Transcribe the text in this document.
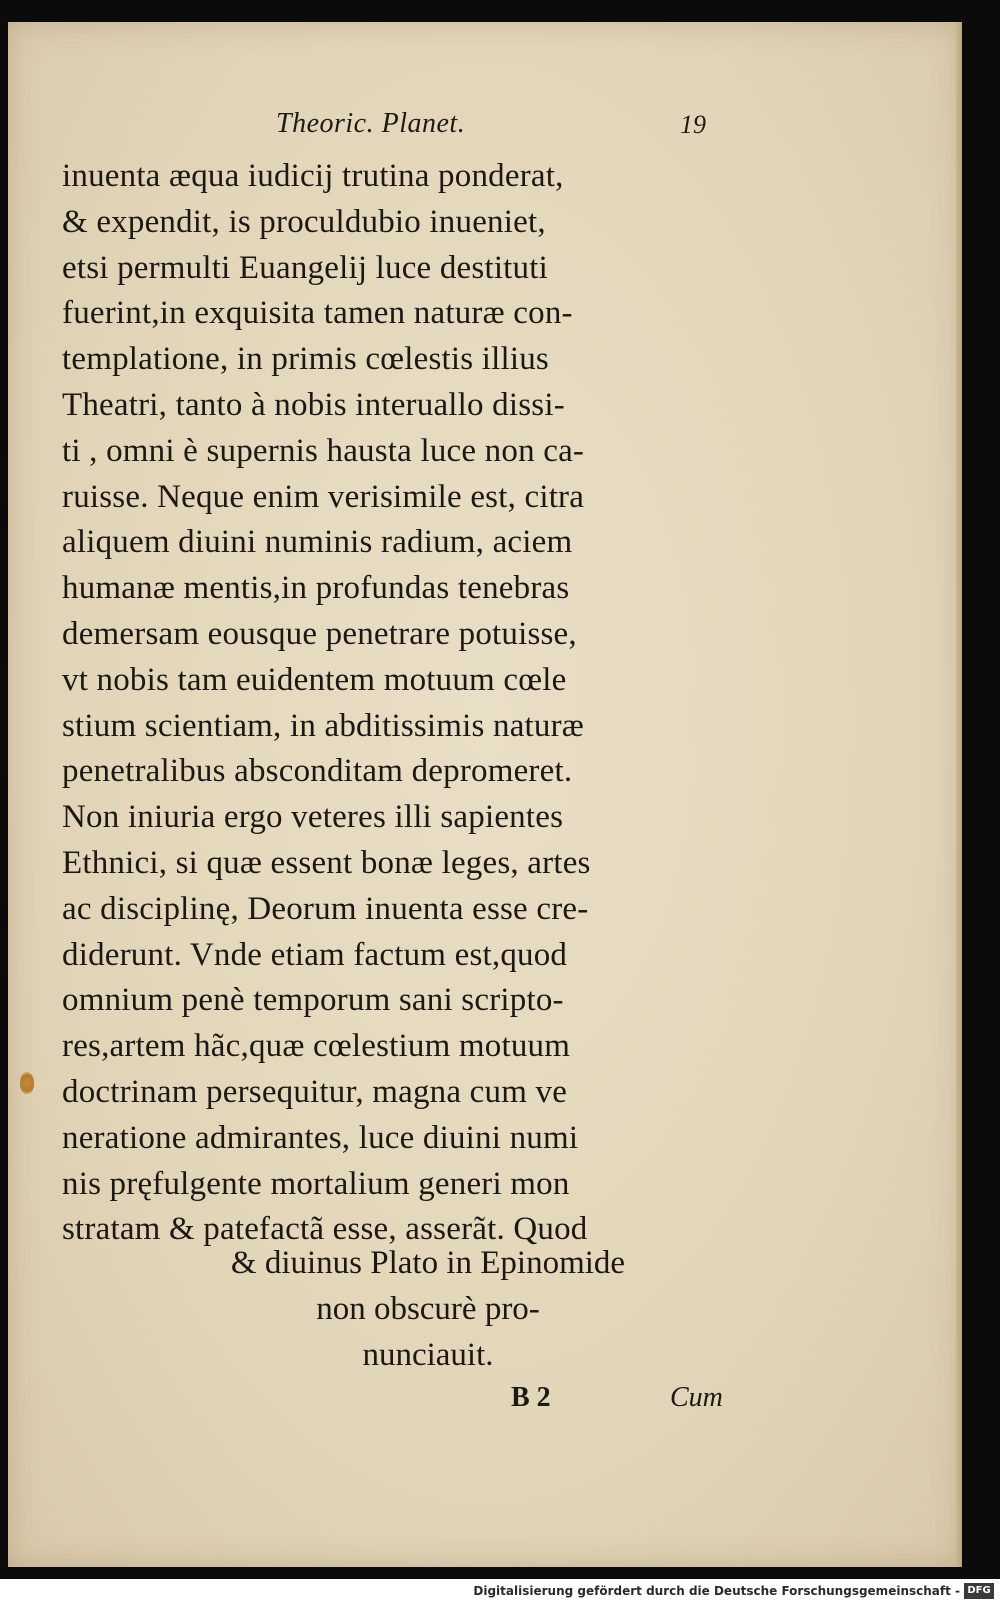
Theoric. Planet.	19
inuenta æqua iudicij trutina ponderat,
& expendit, is proculdubio inueniet,
etsi permulti Euangelij luce destituti
fuerint,in exquisita tamen naturæ con-
templatione, in primis cœlestis illius
Theatri, tanto à nobis interuallo dissi-
ti , omni è supernis hausta luce non ca-
ruisse. Neque enim verisimile est, citra
aliquem diuini numinis radium, aciem
humanæ mentis,in profundas tenebras
demersam eousque penetrare potuisse,
vt nobis tam euidentem motuum cœle
stium scientiam, in abditissimis naturæ
penetralibus absconditam depromeret.
Non iniuria ergo veteres illi sapientes
Ethnici, si quæ essent bonæ leges, artes
ac disciplinę, Deorum inuenta esse cre-
diderunt. Vnde etiam factum est,quod
omnium penè temporum sani scripto-
res,artem hãc,quæ cœlestium motuum
doctrinam persequitur, magna cum ve
neratione admirantes, luce diuini numi
nis pręfulgente mortalium generi mon
stratam & patefactã esse, asserãt. Quod
& diuinus Plato in Epinomide
non obscurè pro-
nunciauit.
B 2	Cum
Digitalisierung gefördert durch die Deutsche Forschungsgemeinschaft - DFG
